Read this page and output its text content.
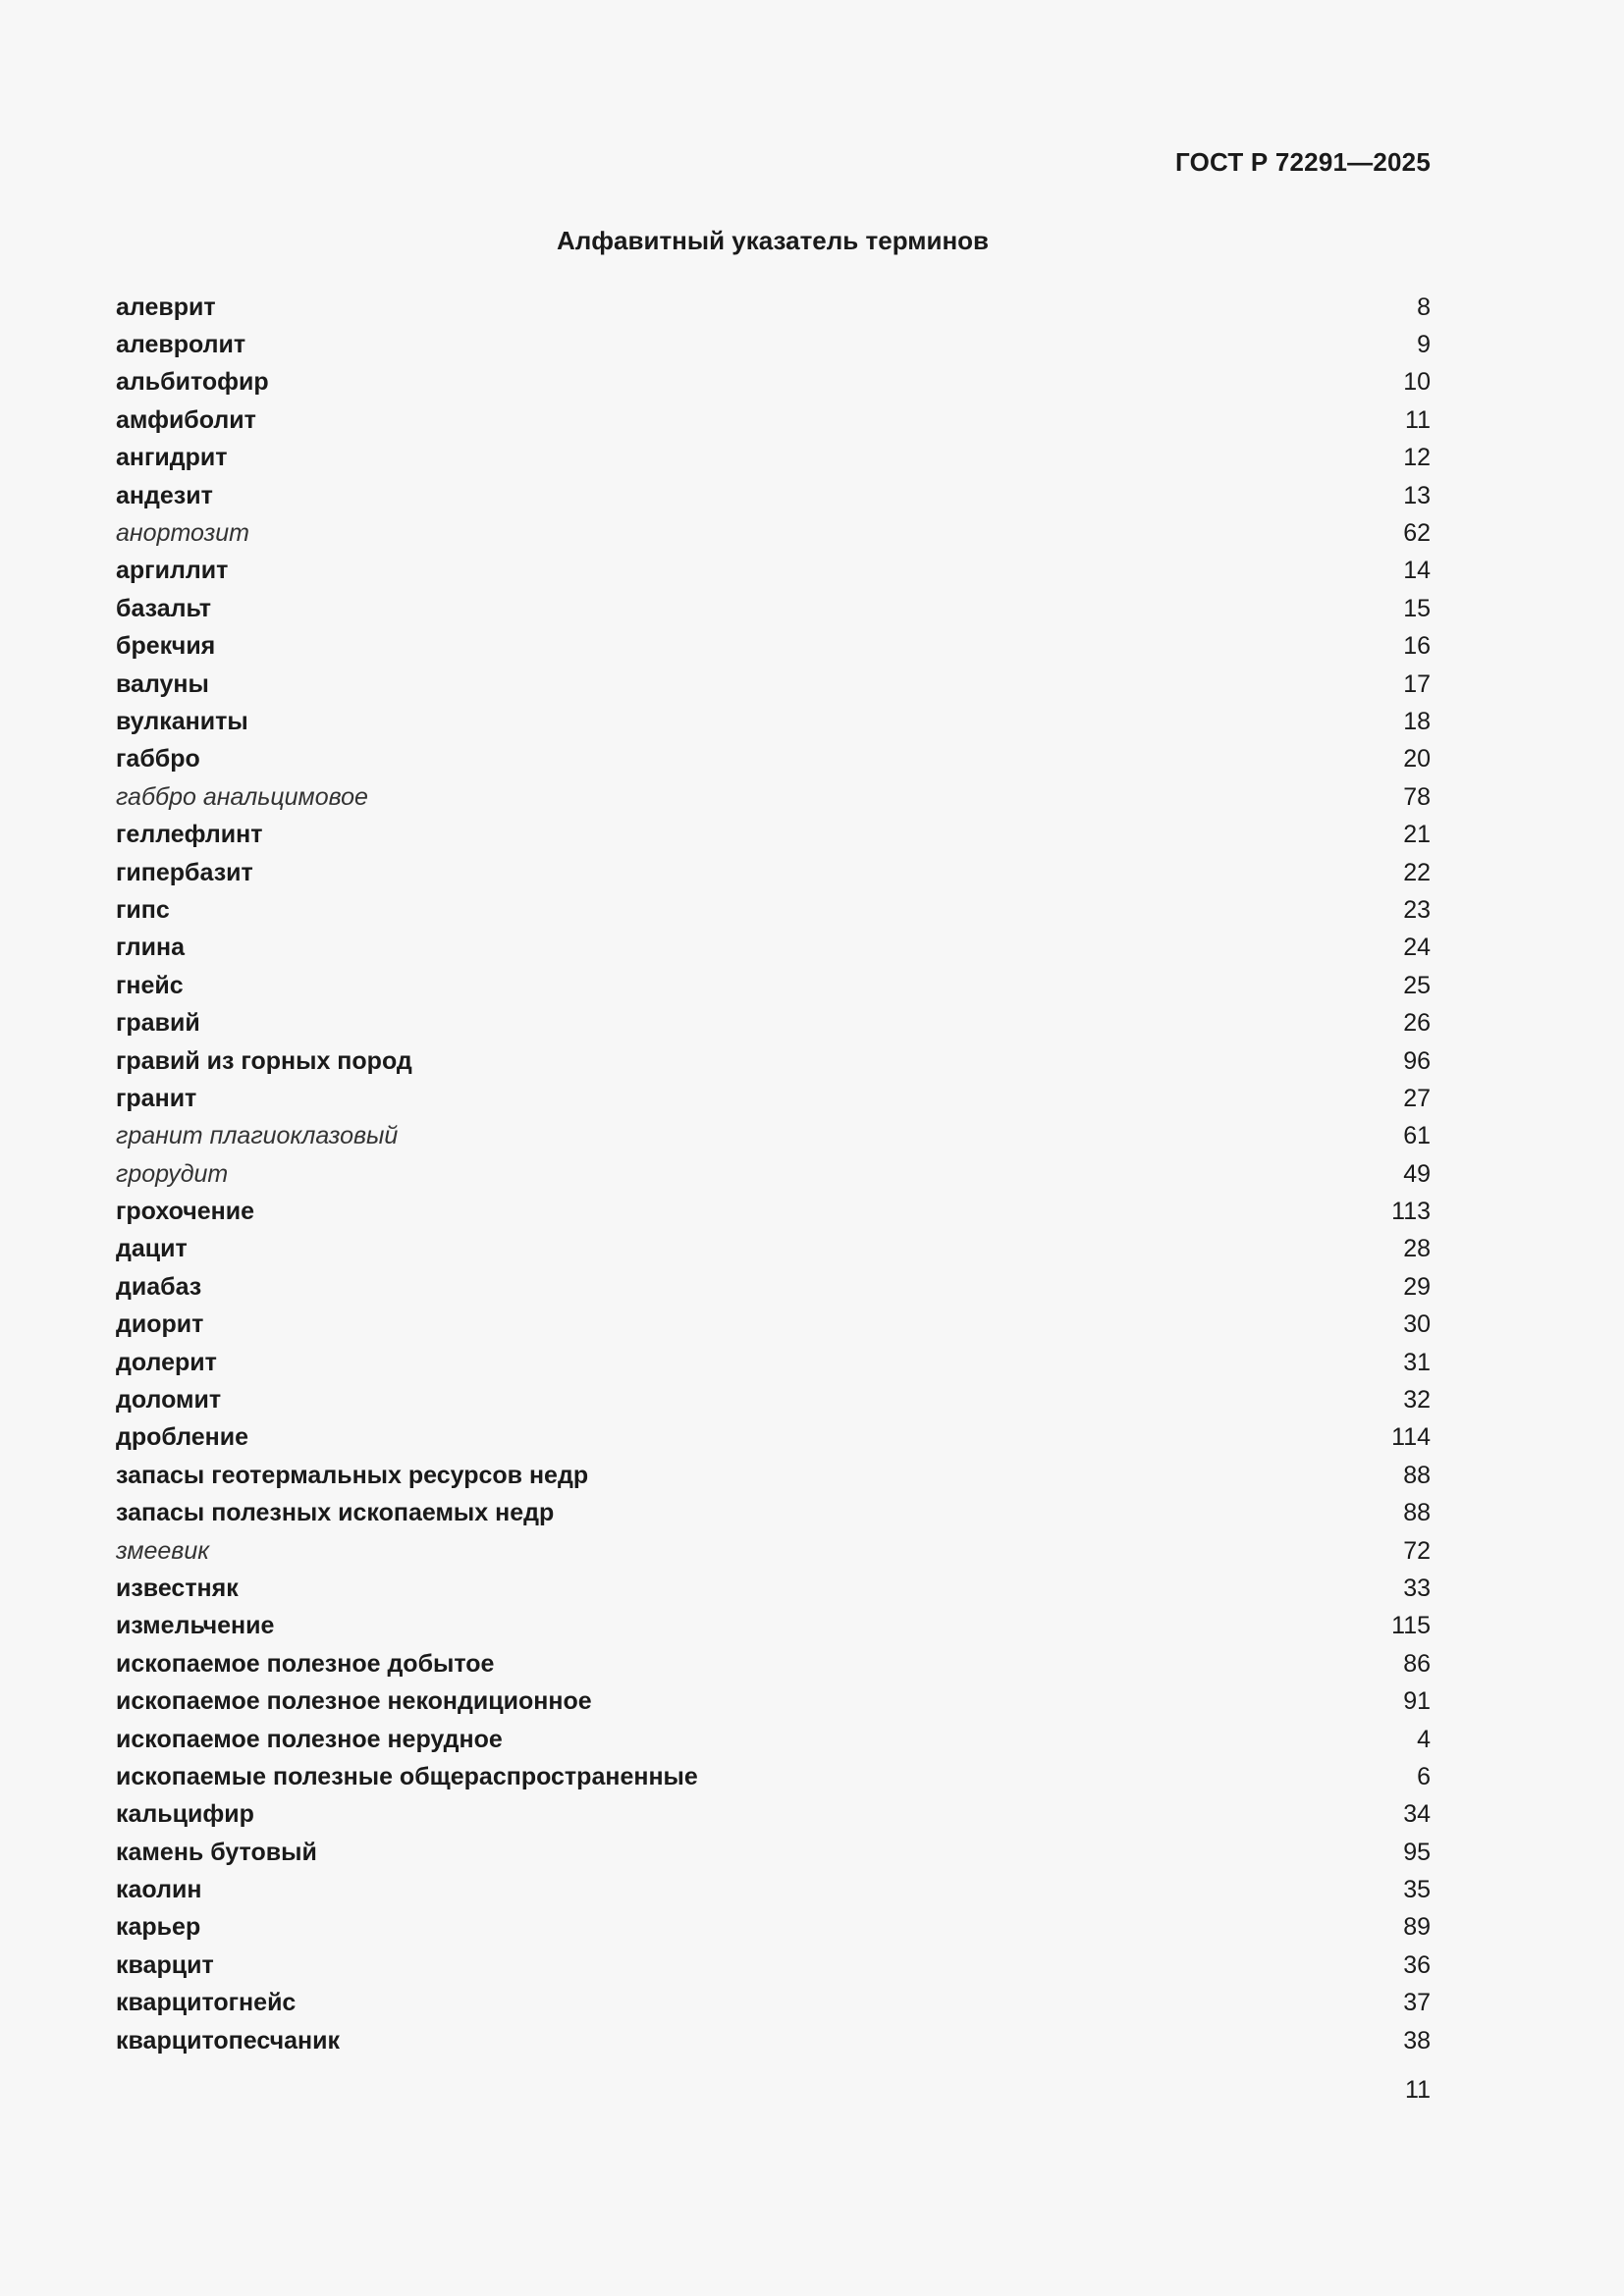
ГОСТ Р 72291—2025
Алфавитный указатель терминов
алеврит	8
алевролит	9
альбитофир	10
амфиболит	11
ангидрит	12
андезит	13
анортозит	62
аргиллит	14
базальт	15
брекчия	16
валуны	17
вулканиты	18
габбро	20
габбро анальцимовое	78
геллефлинт	21
гипербазит	22
гипс	23
глина	24
гнейс	25
гравий	26
гравий из горных пород	96
гранит	27
гранит плагиоклазовый	61
грорудит	49
грохочение	113
дацит	28
диабаз	29
диорит	30
долерит	31
доломит	32
дробление	114
запасы геотермальных ресурсов недр	88
запасы полезных ископаемых недр	88
змеевик	72
известняк	33
измельчение	115
ископаемое полезное добытое	86
ископаемое полезное некондиционное	91
ископаемое полезное нерудное	4
ископаемые полезные общераспространенные	6
кальцифир	34
камень бутовый	95
каолин	35
карьер	89
кварцит	36
кварцитогнейс	37
кварцитопесчаник	38
11
